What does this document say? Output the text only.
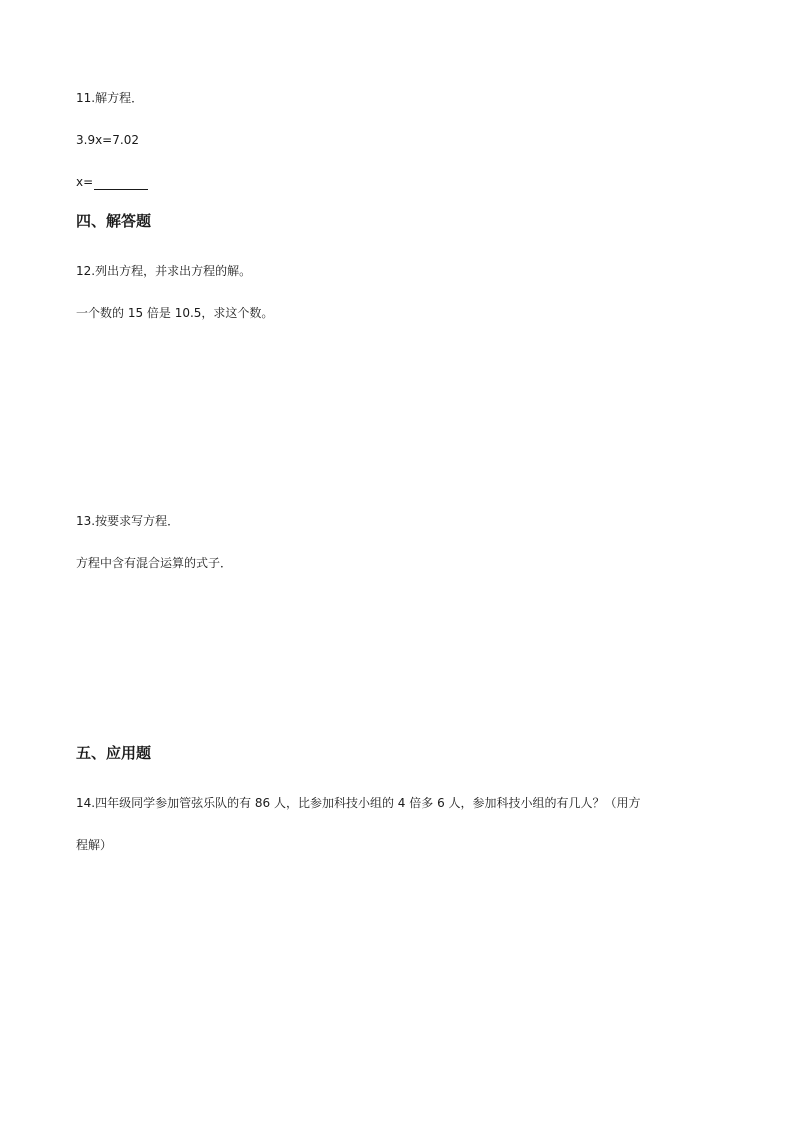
11.解方程．
3.9x=7.02
x=
四、解答题
12.列出方程，并求出方程的解。
一个数的 15 倍是 10.5，求这个数。
13.按要求写方程．
方程中含有混合运算的式子．
五、应用题
14.四年级同学参加管弦乐队的有 86 人，比参加科技小组的 4 倍多 6 人，参加科技小组的有几人？（用方
程解）
